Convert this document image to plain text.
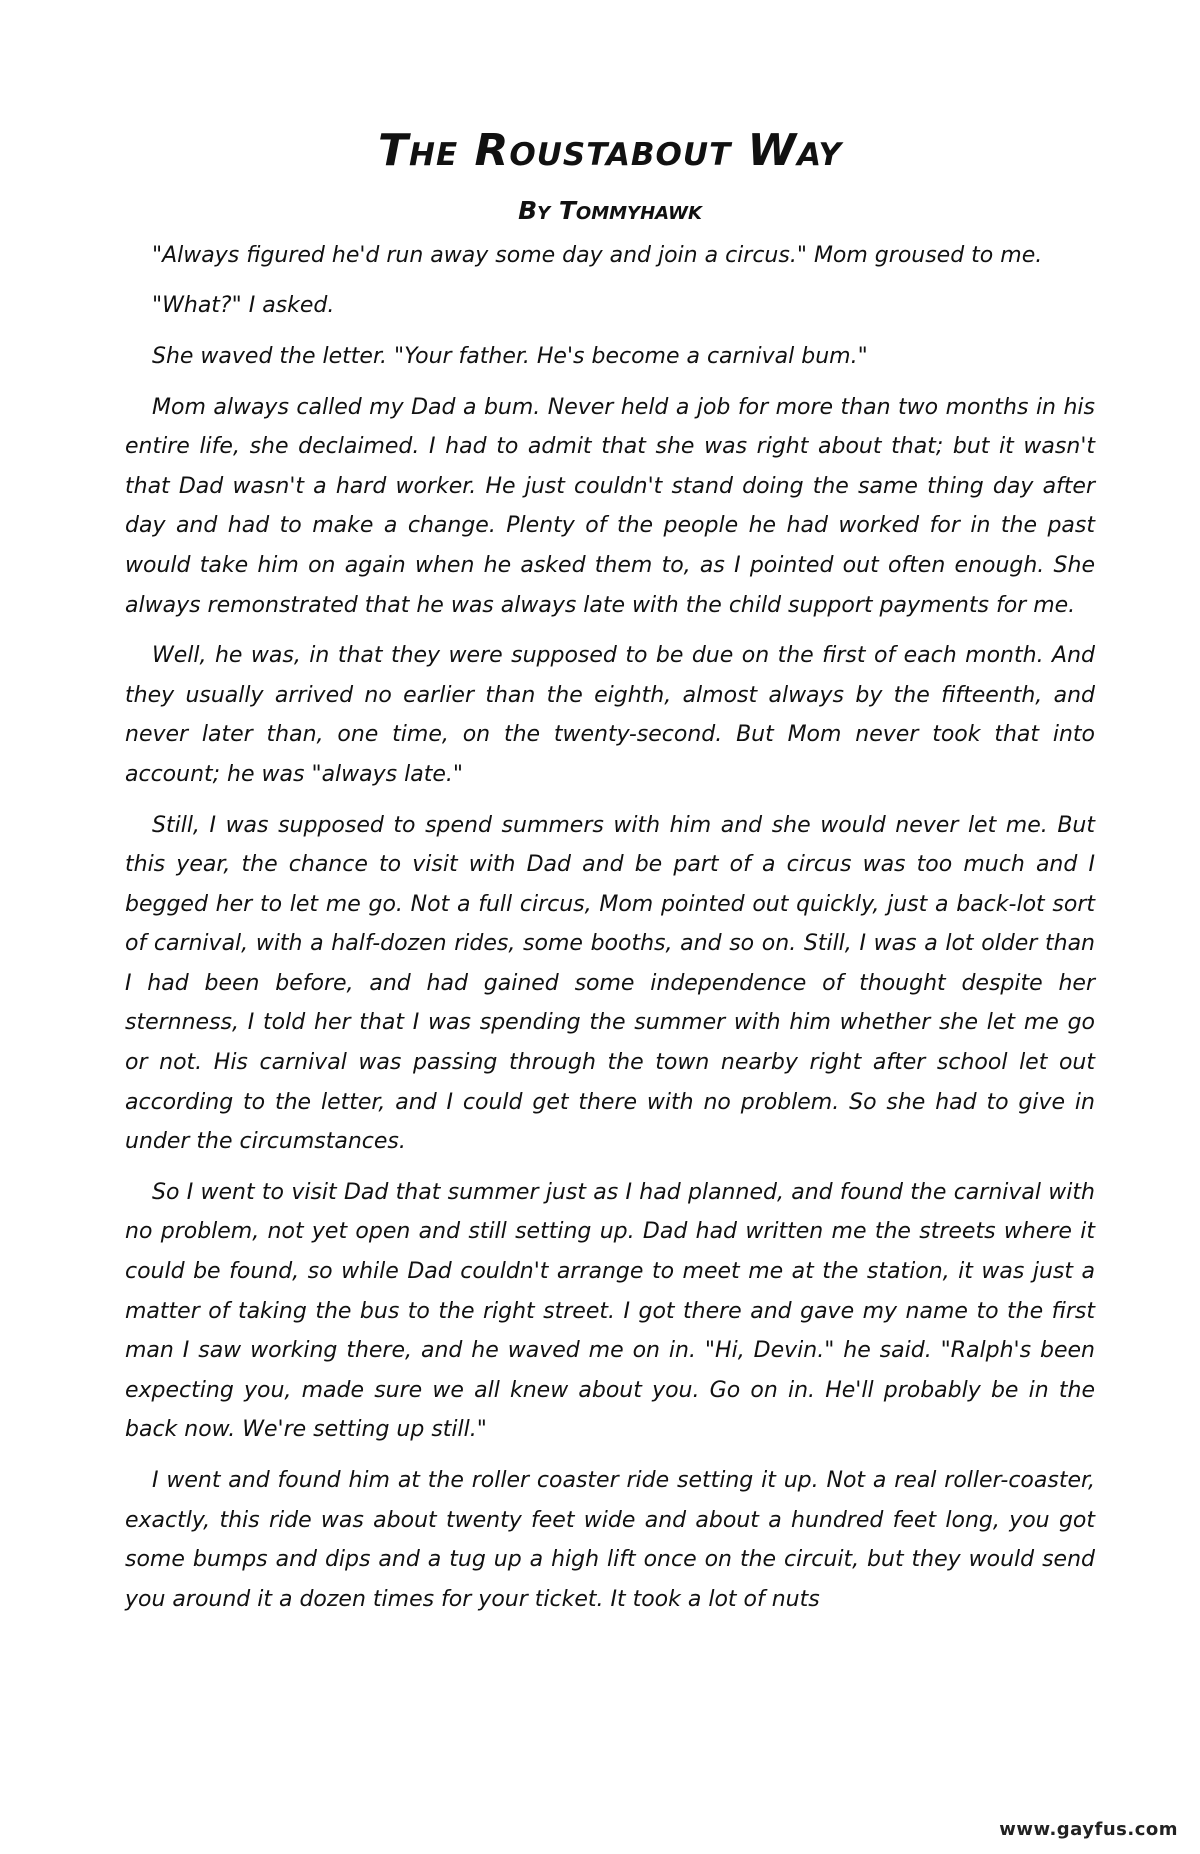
The Roustabout Way
By Tommyhawk

"Always figured he'd run away some day and join a circus." Mom groused to me.

"What?" I asked.

She waved the letter. "Your father. He's become a carnival bum."

Mom always called my Dad a bum. Never held a job for more than two months in his entire life, she declaimed. I had to admit that she was right about that; but it wasn't that Dad wasn't a hard worker. He just couldn't stand doing the same thing day after day and had to make a change. Plenty of the people he had worked for in the past would take him on again when he asked them to, as I pointed out often enough. She always remonstrated that he was always late with the child support payments for me.

Well, he was, in that they were supposed to be due on the first of each month. And they usually arrived no earlier than the eighth, almost always by the fifteenth, and never later than, one time, on the twenty-second. But Mom never took that into account; he was "always late."

Still, I was supposed to spend summers with him and she would never let me. But this year, the chance to visit with Dad and be part of a circus was too much and I begged her to let me go. Not a full circus, Mom pointed out quickly, just a back-lot sort of carnival, with a half-dozen rides, some booths, and so on. Still, I was a lot older than I had been before, and had gained some independence of thought despite her sternness, I told her that I was spending the summer with him whether she let me go or not. His carnival was passing through the town nearby right after school let out according to the letter, and I could get there with no problem. So she had to give in under the circumstances.

So I went to visit Dad that summer just as I had planned, and found the carnival with no problem, not yet open and still setting up. Dad had written me the streets where it could be found, so while Dad couldn't arrange to meet me at the station, it was just a matter of taking the bus to the right street. I got there and gave my name to the first man I saw working there, and he waved me on in. "Hi, Devin." he said. "Ralph's been expecting you, made sure we all knew about you. Go on in. He'll probably be in the back now. We're setting up still."

I went and found him at the roller coaster ride setting it up. Not a real roller-coaster, exactly, this ride was about twenty feet wide and about a hundred feet long, you got some bumps and dips and a tug up a high lift once on the circuit, but they would send you around it a dozen times for your ticket. It took a lot of nuts

www.gayfus.com
